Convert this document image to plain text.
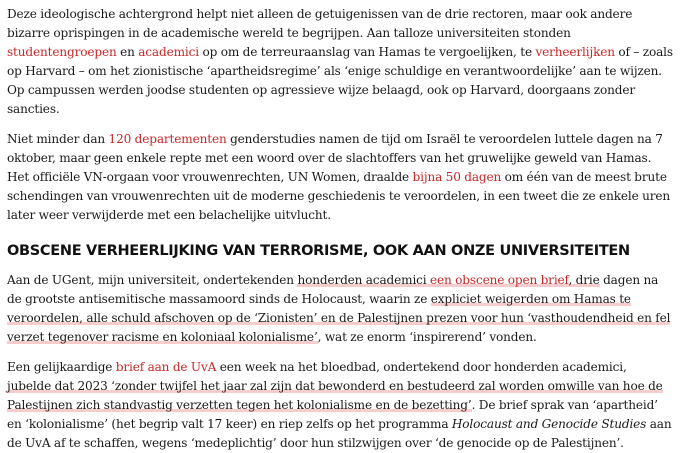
Deze ideologische achtergrond helpt niet alleen de getuigenissen van de drie rectoren, maar ook andere bizarre oprispingen in de academische wereld te begrijpen. Aan talloze universiteiten stonden studentengroepen en academici op om de terreuraanslag van Hamas te vergoelijken, te verheerlijken of – zoals op Harvard – om het zionistische ‘apartheidsregime’ als ‘enige schuldige en verantwoordelijke’ aan te wijzen. Op campussen werden joodse studenten op agressieve wijze belaagd, ook op Harvard, doorgaans zonder sancties.

Niet minder dan 120 departementen genderstudies namen de tijd om Israël te veroordelen luttele dagen na 7 oktober, maar geen enkele repte met een woord over de slachtoffers van het gruwelijke geweld van Hamas. Het officiële VN-orgaan voor vrouwenrechten, UN Women, draalde bijna 50 dagen om één van de meest brute schendingen van vrouwenrechten uit de moderne geschiedenis te veroordelen, in een tweet die ze enkele uren later weer verwijderde met een belachelijke uitvlucht.

OBSCENE VERHEERLIJKING VAN TERRORISME, OOK AAN ONZE UNIVERSITEITEN

Aan de UGent, mijn universiteit, ondertekenden honderden academici een obscene open brief, drie dagen na de grootste antisemitische massamoord sinds de Holocaust, waarin ze expliciet weigerden om Hamas te veroordelen, alle schuld afschoven op de ‘Zionisten’ en de Palestijnen prezen voor hun ‘vasthoudendheid en fel verzet tegenover racisme en koloniaal kolonialisme’, wat ze enorm ‘inspirerend’ vonden.

Een gelijkaardige brief aan de UvA een week na het bloedbad, ondertekend door honderden academici, jubelde dat 2023 ‘zonder twijfel het jaar zal zijn dat bewonderd en bestudeerd zal worden omwille van hoe de Palestijnen zich standvastig verzetten tegen het kolonialisme en de bezetting’. De brief sprak van ‘apartheid’ en ‘kolonialisme’ (het begrip valt 17 keer) en riep zelfs op het programma Holocaust and Genocide Studies aan de UvA af te schaffen, wegens ‘medeplichtig’ door hun stilzwijgen over ‘de genocide op de Palestijnen’.
